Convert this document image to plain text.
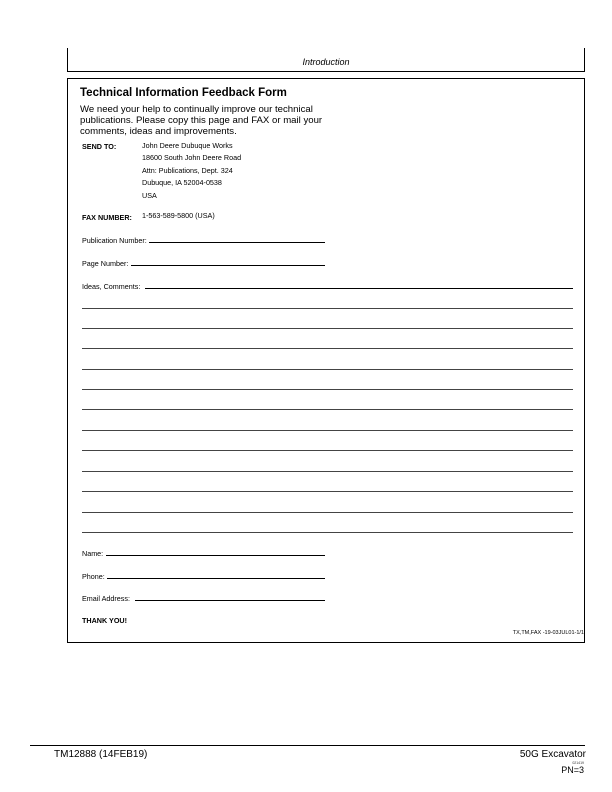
Introduction
Technical Information Feedback Form
We need your help to continually improve our technical publications. Please copy this page and FAX or mail your comments, ideas and improvements.
SEND TO:	John Deere Dubuque Works
18600 South John Deere Road
Attn: Publications, Dept. 324
Dubuque, IA 52004-0538
USA
FAX NUMBER: 1-563-589-5800 (USA)
Publication Number:
Page Number:
Ideas, Comments:
Name:
Phone:
Email Address:
THANK YOU!
TX,TM,FAX -19-03JUL01-1/1
TM12888 (14FEB19)	50G Excavator
021419
PN=3
